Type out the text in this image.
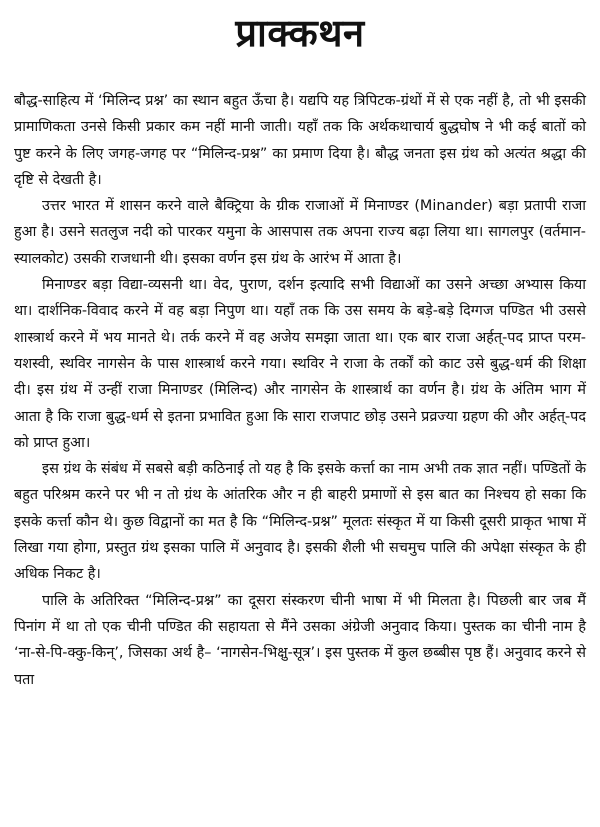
प्राक्कथन

बौद्ध-साहित्य में ‘मिलिन्द प्रश्न’ का स्थान बहुत ऊँचा है। यद्यपि यह त्रिपिटक-ग्रंथों में से एक नहीं है, तो भी इसकी प्रामाणिकता उनसे किसी प्रकार कम नहीं मानी जाती। यहाँ तक कि अर्थकथाचार्य बुद्धघोष ने भी कई बातों को पुष्ट करने के लिए जगह-जगह पर “मिलिन्द-प्रश्न” का प्रमाण दिया है। बौद्ध जनता इस ग्रंथ को अत्यंत श्रद्धा की दृष्टि से देखती है।

उत्तर भारत में शासन करने वाले बैक्ट्रिया के ग्रीक राजाओं में मिनाण्डर (Minander) बड़ा प्रतापी राजा हुआ है। उसने सतलुज नदी को पारकर यमुना के आसपास तक अपना राज्य बढ़ा लिया था। सागलपुर (वर्तमान-स्यालकोट) उसकी राजधानी थी। इसका वर्णन इस ग्रंथ के आरंभ में आता है।

मिनाण्डर बड़ा विद्या-व्यसनी था। वेद, पुराण, दर्शन इत्यादि सभी विद्याओं का उसने अच्छा अभ्यास किया था। दार्शनिक-विवाद करने में वह बड़ा निपुण था। यहाँ तक कि उस समय के बड़े-बड़े दिग्गज पण्डित भी उससे शास्त्रार्थ करने में भय मानते थे। तर्क करने में वह अजेय समझा जाता था। एक बार राजा अर्हत्-पद प्राप्त परम-यशस्वी, स्थविर नागसेन के पास शास्त्रार्थ करने गया। स्थविर ने राजा के तर्कों को काट उसे बुद्ध-धर्म की शिक्षा दी। इस ग्रंथ में उन्हीं राजा मिनाण्डर (मिलिन्द) और नागसेन के शास्त्रार्थ का वर्णन है। ग्रंथ के अंतिम भाग में आता है कि राजा बुद्ध-धर्म से इतना प्रभावित हुआ कि सारा राजपाट छोड़ उसने प्रव्रज्या ग्रहण की और अर्हत्-पद को प्राप्त हुआ।

इस ग्रंथ के संबंध में सबसे बड़ी कठिनाई तो यह है कि इसके कर्त्ता का नाम अभी तक ज्ञात नहीं। पण्डितों के बहुत परिश्रम करने पर भी न तो ग्रंथ के आंतरिक और न ही बाहरी प्रमाणों से इस बात का निश्चय हो सका कि इसके कर्त्ता कौन थे। कुछ विद्वानों का मत है कि “मिलिन्द-प्रश्न” मूलतः संस्कृत में या किसी दूसरी प्राकृत भाषा में लिखा गया होगा, प्रस्तुत ग्रंथ इसका पालि में अनुवाद है। इसकी शैली भी सचमुच पालि की अपेक्षा संस्कृत के ही अधिक निकट है।

पालि के अतिरिक्त “मिलिन्द-प्रश्न” का दूसरा संस्करण चीनी भाषा में भी मिलता है। पिछली बार जब मैं पिनांग में था तो एक चीनी पण्डित की सहायता से मैंने उसका अंग्रेजी अनुवाद किया। पुस्तक का चीनी नाम है ‘ना-से-पि-क्कु-किन्’, जिसका अर्थ है– ‘नागसेन-भिक्षु-सूत्र’। इस पुस्तक में कुल छब्बीस पृष्ठ हैं। अनुवाद करने से पता
